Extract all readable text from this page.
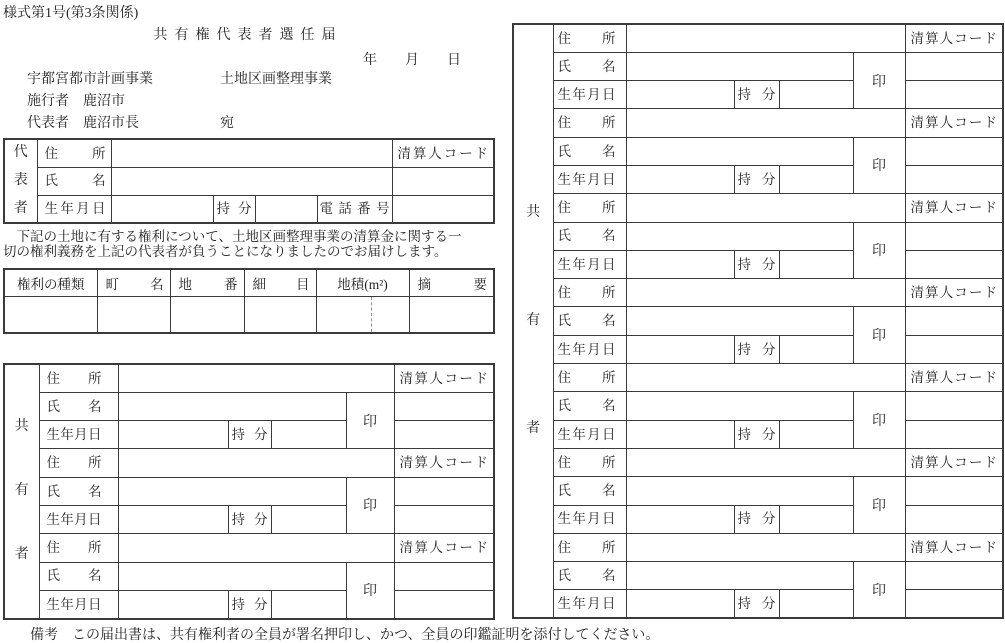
様式第1号(第3条関係)
共有権代表者選任届
年　　月　　日
宇都宮都市計画事業	土地区画整理事業
施行者　鹿沼市
代表者　鹿沼市長	宛
代
表
者	住所					清算人コード

	氏名					

	生年月日		持分		電話番号	

　下記の土地に有する権利について、土地区画整理事業の清算金に関する一
切の権利義務を上記の代表者が負うことになりましたのでお届けします。
権利の種類	町名	地番	細目	地積(m²)	摘要

共
有
者	住所					清算人コード

	氏名				印	

	生年月日		持分			

	住所					清算人コード

	氏名				印	

	生年月日		持分			

	住所					清算人コード

	氏名				印	

	生年月日		持分			

共
有
者	住所					清算人コード

	氏名				印	

	生年月日		持分			

	住所					清算人コード

	氏名				印	

	生年月日		持分			

	住所					清算人コード

	氏名				印	

	生年月日		持分			

	住所					清算人コード

	氏名				印	

	生年月日		持分			

	住所					清算人コード

	氏名				印	

	生年月日		持分			

	住所					清算人コード

	氏名				印	

	生年月日		持分			

	住所					清算人コード

	氏名				印	

	生年月日		持分			

備考　この届出書は、共有権利者の全員が署名押印し、かつ、全員の印鑑証明を添付してください。
